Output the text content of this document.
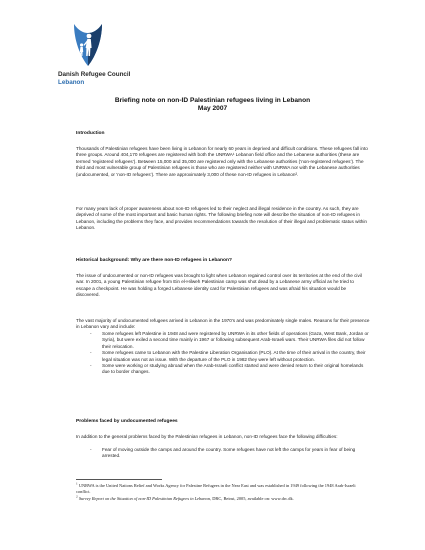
Danish Refugee Council
Lebanon
Briefing note on non-ID Palestinian refugees living in Lebanon
May 2007
Introduction

Thousands of Palestinian refugees have been living in Lebanon for nearly 60 years in deprived and difficult conditions. These refugees fall into three groups. Around 404,170 refugees are registered with both the UNRWA¹ Lebanon field office and the Lebanese authorities (these are termed ‘registered refugees’). Between 15,000 and 35,000 are registered only with the Lebanese authorities (‘non-registered refugees’). The third and most vulnerable group of Palestinian refugees is those who are registered neither with UNRWA nor with the Lebanese authorities (undocumented, or ‘non-ID refugees’). There are approximately 3,000 of these non-ID refugees in Lebanon².

For many years lack of proper awareness about non-ID refugees led to their neglect and illegal residence in the country. As such, they are deprived of some of the most important and basic human rights. The following briefing note will describe the situation of non-ID refugees in Lebanon, including the problems they face, and provides recommendations towards the resolution of their illegal and problematic status within Lebanon.

Historical background: Why are there non-ID refugees in Lebanon?

The issue of undocumented or non-ID refugees was brought to light when Lebanon regained control over its territories at the end of the civil war. In 2001, a young Palestinian refugee from Ein el-Hilweh Palestinian camp was shot dead by a Lebanese army official as he tried to escape a checkpoint. He was holding a forged Lebanese identity card for Palestinian refugees and was afraid his situation would be discovered.

The vast majority of undocumented refugees arrived in Lebanon in the 1970’s and was predominately single males. Reasons for their presence in Lebanon vary and include:

- Some refugees left Palestine in 1948 and were registered by UNRWA in its other fields of operations (Gaza, West Bank, Jordan or Syria), but were exiled a second time mainly in 1967 or following subsequent Arab-Israeli wars. Their UNRWA files did not follow their relocation.
- Some refugees came to Lebanon with the Palestine Liberation Organisation (PLO). At the time of their arrival in the country, their legal situation was not an issue. With the departure of the PLO in 1982 they were left without protection.
- Some were working or studying abroad when the Arab-Israeli conflict started and were denied return to their original homelands due to border changes.
Problems faced by undocumented refugees

In addition to the general problems faced by the Palestinian refugees in Lebanon, non-ID refugees face the following difficulties:

- Fear of moving outside the camps and around the country. Some refugees have not left the camps for years in fear of being arrested.
$^1$ UNRWA is the United Nations Relief and Works Agency for Palestine Refugees in the Near East and was established in 1949 following the 1948 Arab-Israeli conflict.
$^2$ Survey Report on the Situation of non-ID Palestinian Refugees in Lebanon, DRC, Beirut, 2005, available on: www.drc.dk.
